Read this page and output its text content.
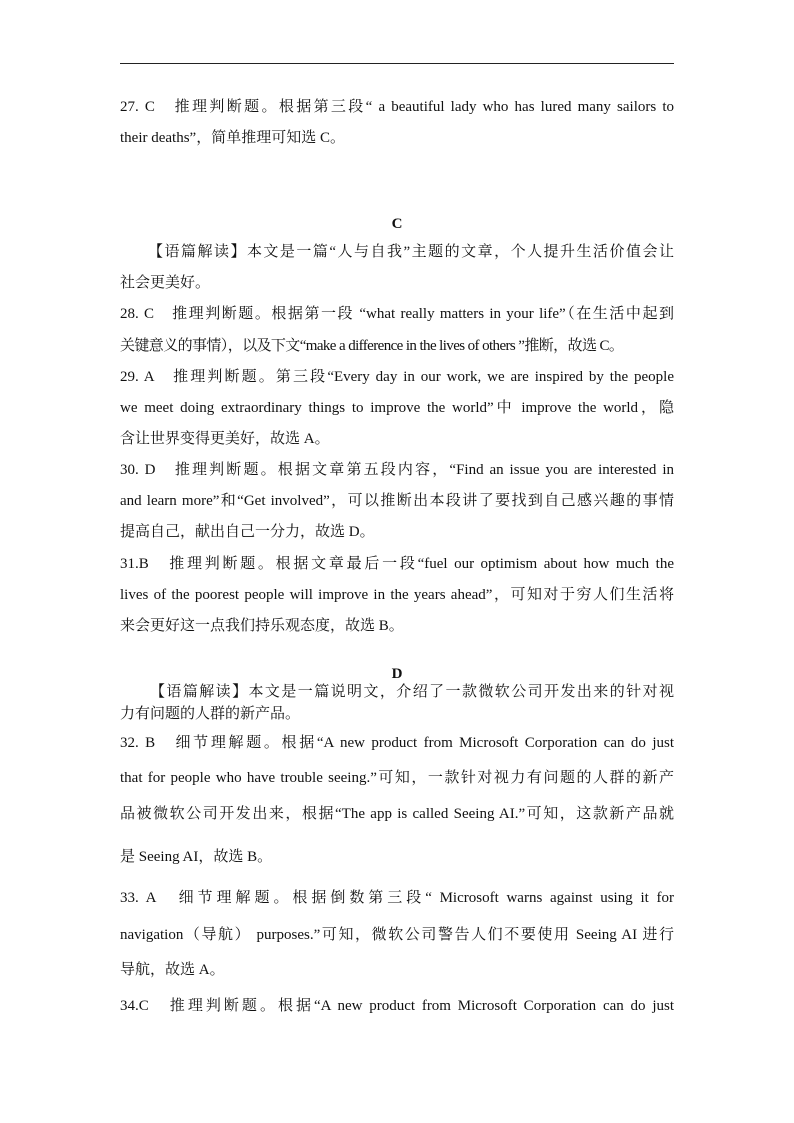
27. C　推理判断题。根据第三段“ a beautiful lady who has lured many sailors to
their deaths”，简单推理可知选 C。
C
【语篇解读】本文是一篇“人与自我”主题的文章，个人提升生活价值会让
社会更美好。
28. C　推理判断题。根据第一段 “what really matters in your life”（在生活中起到
关键意义的事情），以及下文“make a difference in the lives of others ”推断，故选 C。
29. A　推理判断题。第三段“Every day in our work, we are inspired by the people
we meet doing extraordinary things to improve the world”中 improve the world，隐
含让世界变得更美好，故选 A。
30. D　推理判断题。根据文章第五段内容，“Find an issue you are interested in
and learn more”和“Get involved”，可以推断出本段讲了要找到自己感兴趣的事情
提高自己，献出自己一分力，故选 D。
31.B　推理判断题。根据文章最后一段“fuel our optimism about how much the
lives of the poorest people will improve in the years ahead”，可知对于穷人们生活将
来会更好这一点我们持乐观态度，故选 B。
D
【语篇解读】本文是一篇说明文，介绍了一款微软公司开发出来的针对视
力有问题的人群的新产品。
32. B　细节理解题。根据“A new product from Microsoft Corporation can do just
that for people who have trouble seeing.”可知，一款针对视力有问题的人群的新产
品被微软公司开发出来，根据“The app is called Seeing AI.”可知，这款新产品就
是 Seeing AI，故选 B。
33. A　细节理解题。根据倒数第三段“ Microsoft warns against using it for
navigation（导航） purposes.”可知，微软公司警告人们不要使用 Seeing AI 进行
导航，故选 A。
34.C　推理判断题。根据“A new product from Microsoft Corporation can do just
